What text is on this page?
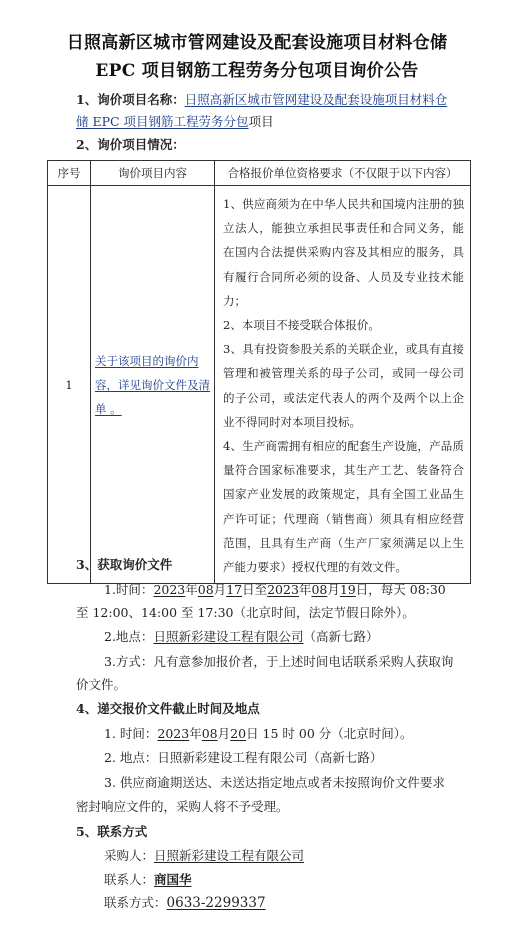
日照高新区城市管网建设及配套设施项目材料仓储
EPC 项目钢筋工程劳务分包项目询价公告
1、询价项目名称：日照高新区城市管网建设及配套设施项目材料仓
储 EPC 项目钢筋工程劳务分包项目
2、询价项目情况：
序号	询价项目内容	合格报价单位资格要求（不仅限于以下内容）
1	关于该项目的询价内容，详见询价文件及清单 。	1、供应商须为在中华人民共和国境内注册的独立法人，能独立承担民事责任和合同义务，能在国内合法提供采购内容及其相应的服务，具有履行合同所必须的设备、人员及专业技术能力；

2、本项目不接受联合体报价。

3、具有投资参股关系的关联企业，或具有直接管理和被管理关系的母子公司，或同一母公司的子公司，或法定代表人的两个及两个以上企业不得同时对本项目投标。

4、生产商需拥有相应的配套生产设施，产品质量符合国家标准要求，其生产工艺、装备符合国家产业发展的政策规定，具有全国工业品生产许可证；代理商（销售商）须具有相应经营范围，且具有生产商（生产厂家须满足以上生产能力要求）授权代理的有效文件。

3、获取询价文件
1.时间：2023年08月17日至2023年08月19日，每天 08:30
至 12:00、14:00 至 17:30（北京时间，法定节假日除外）。
2.地点：日照新彩建设工程有限公司（高新七路）
3.方式：凡有意参加报价者，于上述时间电话联系采购人获取询
价文件。
4、递交报价文件截止时间及地点
1. 时间：2023年08月20日 15 时 00 分（北京时间）。
2. 地点：日照新彩建设工程有限公司（高新七路）
3. 供应商逾期送达、未送达指定地点或者未按照询价文件要求
密封响应文件的，采购人将不予受理。
5、联系方式
采购人：日照新彩建设工程有限公司
联系人：商国华
联系方式：0633-2299337
